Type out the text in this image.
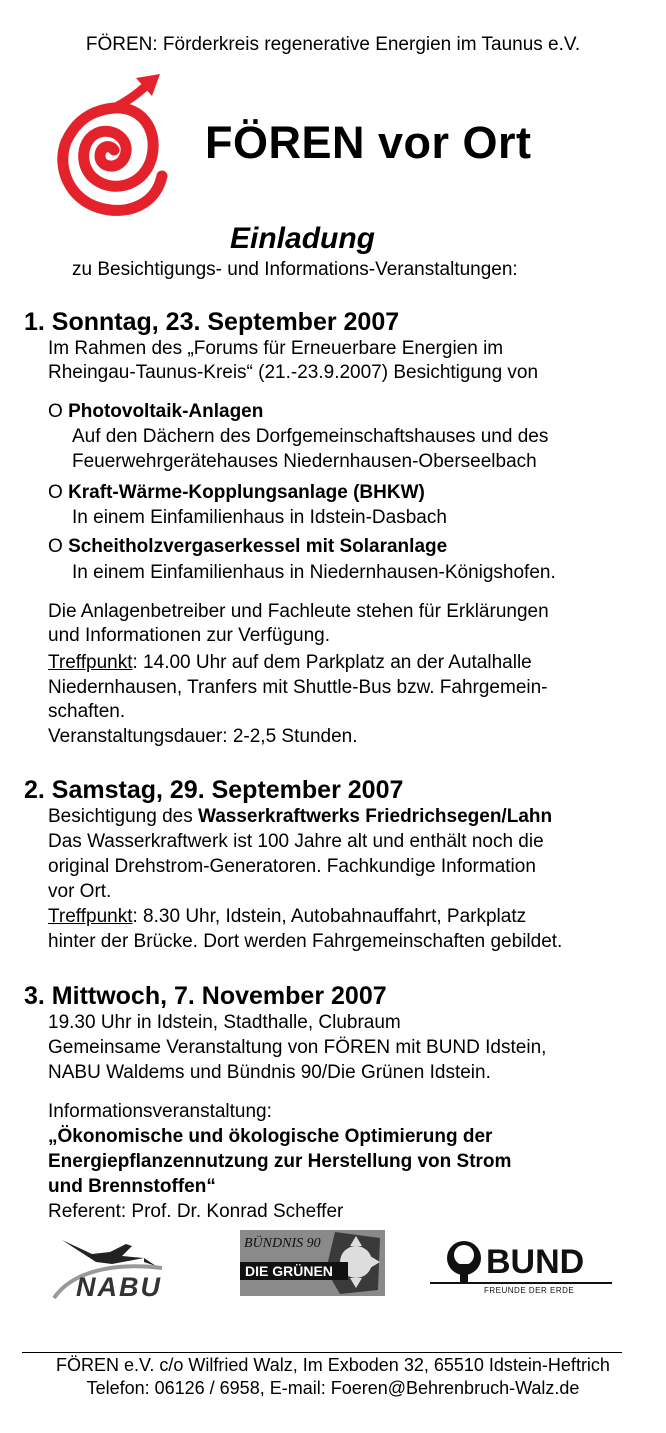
FÖREN: Förderkreis regenerative Energien im Taunus e.V.
FÖREN vor Ort
Einladung
zu Besichtigungs- und Informations-Veranstaltungen:
1. Sonntag, 23. September 2007
Im Rahmen des „Forums für Erneuerbare Energien im
Rheingau-Taunus-Kreis“ (21.-23.9.2007) Besichtigung von
O Photovoltaik-Anlagen
Auf den Dächern des Dorfgemeinschaftshauses und des
Feuerwehrgerätehauses Niedernhausen-Oberseelbach
O Kraft-Wärme-Kopplungsanlage (BHKW)
In einem Einfamilienhaus in Idstein-Dasbach
O Scheitholzvergaserkessel mit Solaranlage
In einem Einfamilienhaus in Niedernhausen-Königshofen.
Die Anlagenbetreiber und Fachleute stehen für Erklärungen
und Informationen zur Verfügung.
Treffpunkt: 14.00 Uhr auf dem Parkplatz an der Autalhalle
Niedernhausen, Tranfers mit Shuttle-Bus bzw. Fahrgemein-
schaften.
Veranstaltungsdauer: 2-2,5 Stunden.
2. Samstag, 29. September 2007
Besichtigung des Wasserkraftwerks Friedrichsegen/Lahn
Das Wasserkraftwerk ist 100 Jahre alt und enthält noch die
original Drehstrom-Generatoren. Fachkundige Information
vor Ort.
Treffpunkt: 8.30 Uhr, Idstein, Autobahnauffahrt, Parkplatz
hinter der Brücke. Dort werden Fahrgemeinschaften gebildet.
3. Mittwoch, 7. November 2007
19.30 Uhr in Idstein, Stadthalle, Clubraum
Gemeinsame Veranstaltung von FÖREN mit BUND Idstein,
NABU Waldems und Bündnis 90/Die Grünen Idstein.
Informationsveranstaltung:
„Ökonomische und ökologische Optimierung der
Energiepflanzennutzung zur Herstellung von Strom
und Brennstoffen“
Referent: Prof. Dr. Konrad Scheffer
NABU
BÜNDNIS 90
DIE GRÜNEN	BUND
FREUNDE DER ERDE
FÖREN e.V. c/o Wilfried Walz, Im Exboden 32, 65510 Idstein-Heftrich
Telefon: 06126 / 6958, E-mail: Foeren@Behrenbruch-Walz.de
